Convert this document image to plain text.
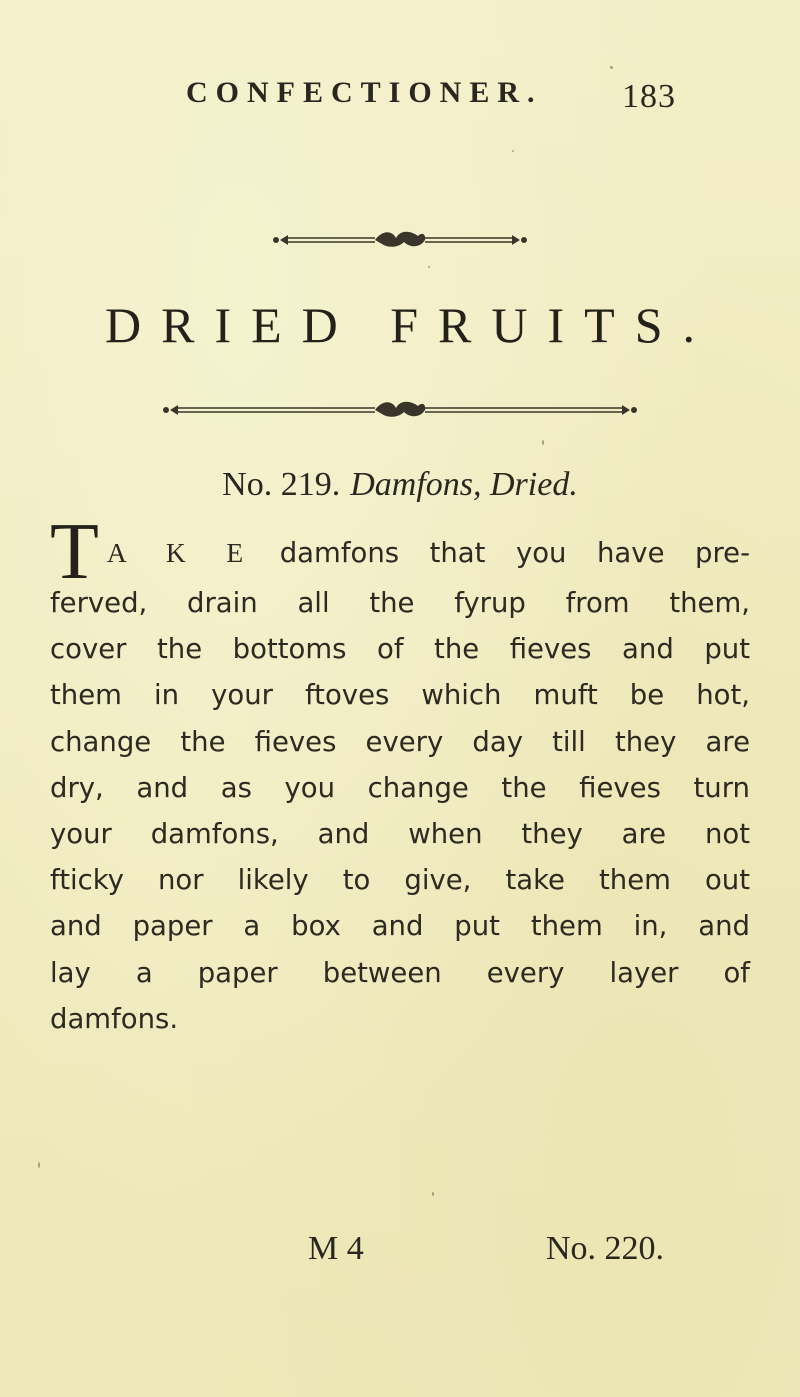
CONFECTIONER. 183
DRIED FRUITS.
No. 219. Damfons, Dried.
T A K E damfons that you have pre-
ferved, drain all the fyrup from them,
cover the bottoms of the fieves and put
them in your ftoves which muft be hot,
change the fieves every day till they are
dry, and as you change the fieves turn
your damfons, and when they are not
fticky nor likely to give, take them out
and paper a box and put them in, and
lay a paper between every layer of
damfons.
M 4	No. 220.
